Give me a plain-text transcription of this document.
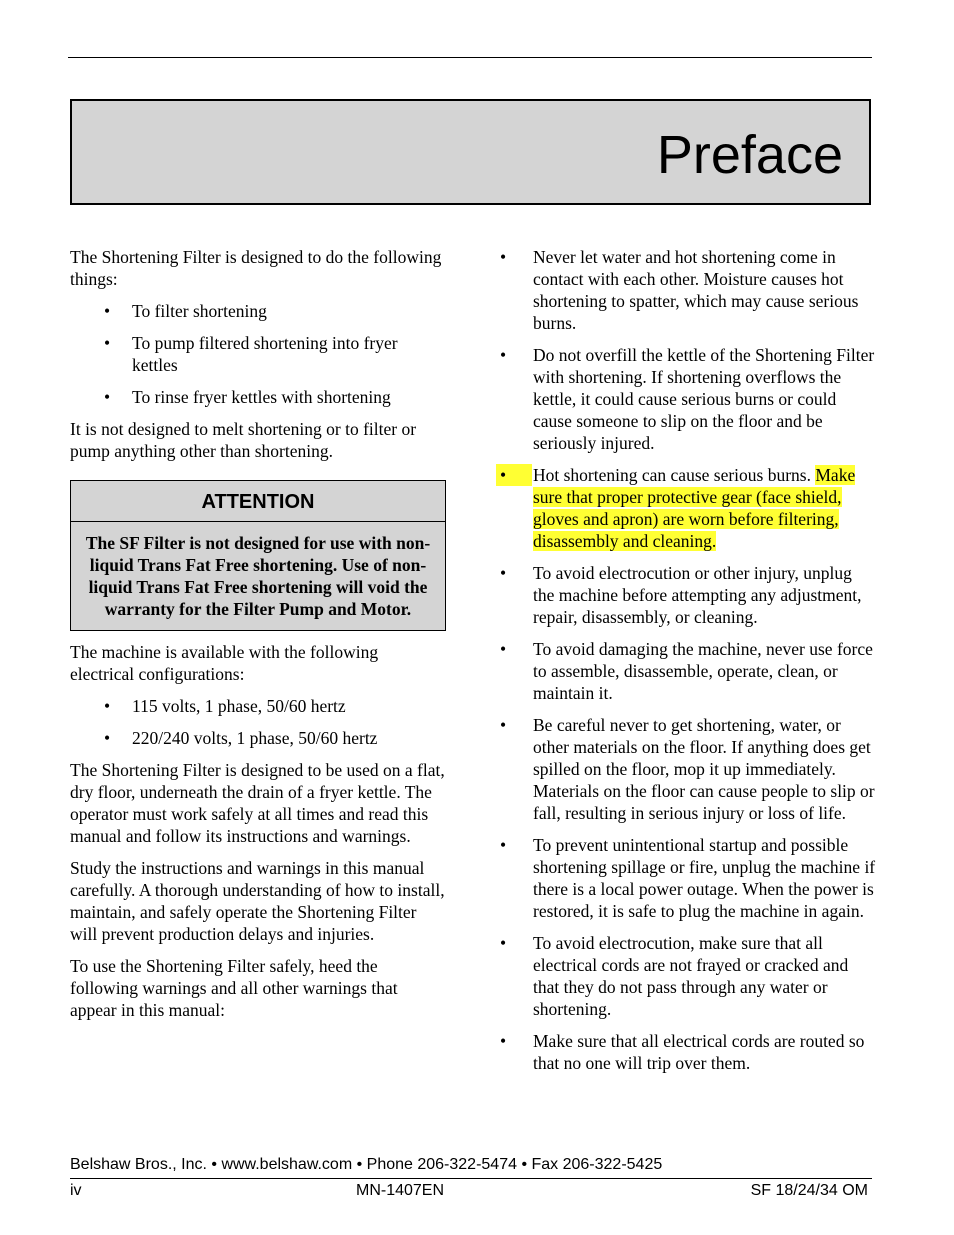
Preface

The Shortening Filter is designed to do the following things:

• To filter shortening
• To pump filtered shortening into fryer kettles
• To rinse fryer kettles with shortening

It is not designed to melt shortening or to filter or pump anything other than shortening.

ATTENTION
The SF Filter is not designed for use with non-liquid Trans Fat Free shortening. Use of non-liquid Trans Fat Free shortening will void the warranty for the Filter Pump and Motor.

The machine is available with the following electrical configurations:

• 115 volts, 1 phase, 50/60 hertz
• 220/240 volts, 1 phase, 50/60 hertz

The Shortening Filter is designed to be used on a flat, dry floor, underneath the drain of a fryer kettle. The operator must work safely at all times and read this manual and follow its instructions and warnings.

Study the instructions and warnings in this manual carefully. A thorough understanding of how to install, maintain, and safely operate the Shortening Filter will prevent production delays and injuries.

To use the Shortening Filter safely, heed the following warnings and all other warnings that appear in this manual:

•	Never let water and hot shortening come in contact with each other. Moisture causes hot shortening to spatter, which may cause serious burns.
•	Do not overfill the kettle of the Shortening Filter with shortening. If shortening overflows the kettle, it could cause serious burns or could cause someone to slip on the floor and be seriously injured.
•	Hot shortening can cause serious burns. Make sure that proper protective gear (face shield, gloves and apron) are worn before filtering, disassembly and cleaning.
•	To avoid electrocution or other injury, unplug the machine before attempting any adjustment, repair, disassembly, or cleaning.
•	To avoid damaging the machine, never use force to assemble, disassemble, operate, clean, or maintain it.
•	Be careful never to get shortening, water, or other materials on the floor. If anything does get spilled on the floor, mop it up immediately. Materials on the floor can cause people to slip or fall, resulting in serious injury or loss of life.
•	To prevent unintentional startup and possible shortening spillage or fire, unplug the machine if there is a local power outage. When the power is restored, it is safe to plug the machine in again.
•	To avoid electrocution, make sure that all electrical cords are not frayed or cracked and that they do not pass through any water or shortening.
•	Make sure that all electrical cords are routed so that no one will trip over them.
Belshaw Bros., Inc. • www.belshaw.com • Phone 206-322-5474 • Fax 206-322-5425
iv	MN-1407EN	SF 18/24/34 OM
